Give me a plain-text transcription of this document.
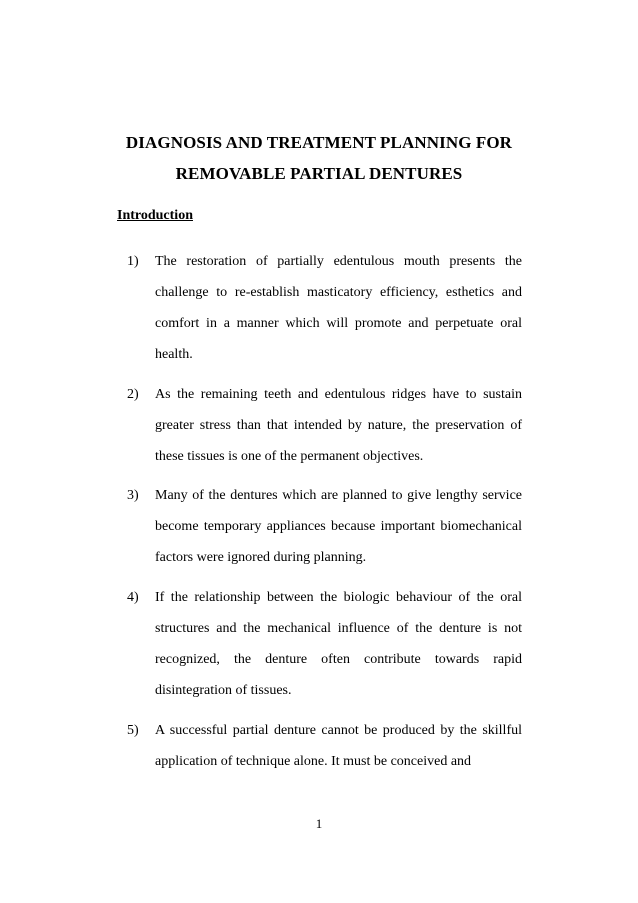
DIAGNOSIS AND TREATMENT PLANNING FOR
REMOVABLE PARTIAL DENTURES
Introduction
1) The restoration of partially edentulous mouth presents the challenge to re-establish masticatory efficiency, esthetics and comfort in a manner which will promote and perpetuate oral health.

2) As the remaining teeth and edentulous ridges have to sustain greater stress than that intended by nature, the preservation of these tissues is one of the permanent objectives.

3) Many of the dentures which are planned to give lengthy service become temporary appliances because important biomechanical factors were ignored during planning.

4) If the relationship between the biologic behaviour of the oral structures and the mechanical influence of the denture is not recognized, the denture often contribute towards rapid disintegration of tissues.

5) A successful partial denture cannot be produced by the skillful application of technique alone. It must be conceived and

1
